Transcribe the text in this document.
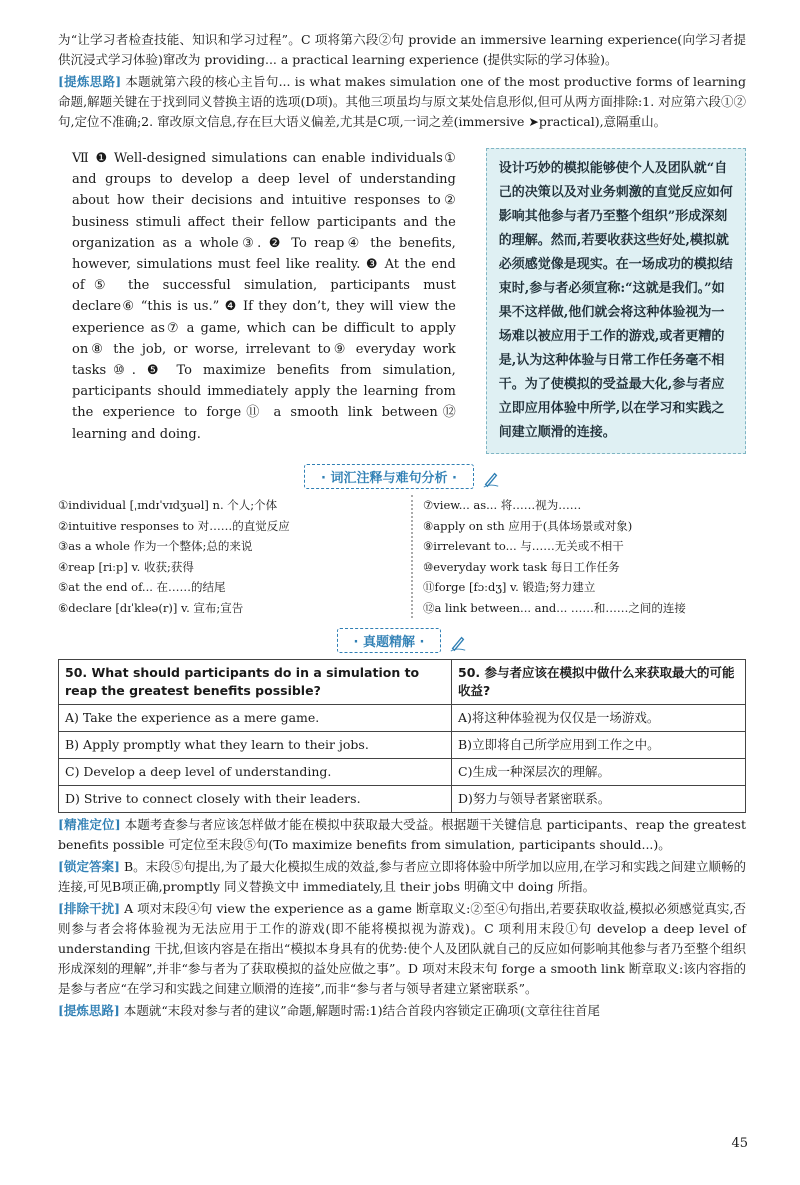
为“让学习者检查技能、知识和学习过程”。C 项将第六段②句 provide an immersive learning experience(向学习者提供沉浸式学习体验)窜改为 providing... a practical learning experience (提供实际的学习体验)。

[提炼思路] 本题就第六段的核心主旨句... is what makes simulation one of the most productive forms of learning 命题,解题关键在于找到同义替换主语的选项(D项)。其他三项虽均与原文某处信息形似,但可从两方面排除:1. 对应第六段①②句,定位不准确;2. 窜改原文信息,存在巨大语义偏差,尤其是C项,一词之差(immersive ➤practical),意隔重山。

Ⅶ ❶ Well-designed simulations can enable individuals① and groups to develop a deep level of understanding about how their decisions and intuitive responses to② business stimuli affect their fellow participants and the organization as a whole③. ❷ To reap④ the benefits, however, simulations must feel like reality. ❸ At the end of⑤ the successful simulation, participants must declare⑥ “this is us.” ❹ If they don’t, they will view the experience as⑦ a game, which can be difficult to apply on⑧ the job, or worse, irrelevant to⑨ everyday work tasks⑩. ❺ To maximize benefits from simulation, participants should immediately apply the learning from the experience to forge⑪ a smooth link between⑫ learning and doing.
设计巧妙的模拟能够使个人及团队就“自己的决策以及对业务刺激的直觉反应如何影响其他参与者乃至整个组织”形成深刻的理解。然而,若要收获这些好处,模拟就必须感觉像是现实。在一场成功的模拟结束时,参与者必须宣称:“这就是我们。”如果不这样做,他们就会将这种体验视为一场难以被应用于工作的游戏,或者更糟的是,认为这种体验与日常工作任务毫不相干。为了使模拟的受益最大化,参与者应立即应用体验中所学,以在学习和实践之间建立顺滑的连接。
· 词汇注释与难句分析 ·
①individual [ˌɪndɪˈvɪdʒuəl] n. 个人;个体
②intuitive responses to 对……的直觉反应
③as a whole 作为一个整体;总的来说
④reap [riːp] v. 收获;获得
⑤at the end of... 在……的结尾
⑥declare [dɪˈkleə(r)] v. 宣布;宣告
⑦view... as... 将……视为……
⑧apply on sth 应用于(具体场景或对象)
⑨irrelevant to... 与……无关或不相干
⑩everyday work task 每日工作任务
⑪forge [fɔːdʒ] v. 锻造;努力建立
⑫a link between... and... ……和……之间的连接
· 真题精解 ·
50. What should participants do in a simulation to reap the greatest benefits possible?	50. 参与者应该在模拟中做什么来获取最大的可能收益?
A) Take the experience as a mere game.	A)将这种体验视为仅仅是一场游戏。
B) Apply promptly what they learn to their jobs.	B)立即将自己所学应用到工作之中。
C) Develop a deep level of understanding.	C)生成一种深层次的理解。
D) Strive to connect closely with their leaders.	D)努力与领导者紧密联系。

[精准定位] 本题考查参与者应该怎样做才能在模拟中获取最大受益。根据题干关键信息 participants、reap the greatest benefits possible 可定位至末段⑤句(To maximize benefits from simulation, participants should...)。

[锁定答案] B。末段⑤句提出,为了最大化模拟生成的效益,参与者应立即将体验中所学加以应用,在学习和实践之间建立顺畅的连接,可见B项正确,promptly 同义替换文中 immediately,且 their jobs 明确文中 doing 所指。

[排除干扰] A 项对末段④句 view the experience as a game 断章取义:②至④句指出,若要获取收益,模拟必须感觉真实,否则参与者会将体验视为无法应用于工作的游戏(即不能将模拟视为游戏)。C 项利用末段①句 develop a deep level of understanding 干扰,但该内容是在指出“模拟本身具有的优势:使个人及团队就自己的反应如何影响其他参与者乃至整个组织形成深刻的理解”,并非“参与者为了获取模拟的益处应做之事”。D 项对末段末句 forge a smooth link 断章取义:该内容指的是参与者应“在学习和实践之间建立顺滑的连接”,而非“参与者与领导者建立紧密联系”。

[提炼思路] 本题就“末段对参与者的建议”命题,解题时需:1)结合首段内容锁定正确项(文章往往首尾

45
